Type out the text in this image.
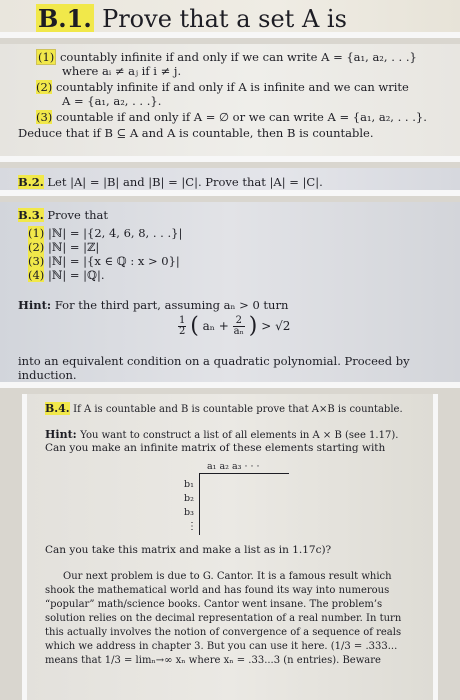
B.1. Prove that a set A is
(1) countably infinite if and only if we can write A = {a₁, a₂, . . .}
where aᵢ ≠ aⱼ if i ≠ j.
(2) countably infinite if and only if A is infinite and we can write
A = {a₁, a₂, . . .}.
(3) countable if and only if A = ∅ or we can write A = {a₁, a₂, . . .}.
Deduce that if B ⊆ A and A is countable, then B is countable.
B.2. Let |A| = |B| and |B| = |C|. Prove that |A| = |C|.
B.3. Prove that
(1) |ℕ| = |{2, 4, 6, 8, . . .}|
(2) |ℕ| = |ℤ|
(3) |ℕ| = |{x ∈ ℚ : x > 0}|
(4) |ℕ| = |ℚ|.
Hint: For the third part, assuming aₙ > 0 turn
$\frac{1}{2}$ ( $a_n + \frac{2}{\text{aₙ}}$ ) > √2
into an equivalent condition on a quadratic polynomial. Proceed by
induction.
B.4. If A is countable and B is countable prove that A×B is countable.
Hint: You want to construct a list of all elements in A × B (see 1.17).
Can you make an infinite matrix of these elements starting with
a₁ a₂ a₃ · · ·
b₁
b₂
b₃
⋮
Can you take this matrix and make a list as in 1.17c)?
Our next problem is due to G. Cantor. It is a famous result which
shook the mathematical world and has found its way into numerous
“popular” math/science books. Cantor went insane. The problem’s
solution relies on the decimal representation of a real number. In turn
this actually involves the notion of convergence of a sequence of reals
which we address in chapter 3. But you can use it here. (1/3 = .333...
means that 1/3 = limₙ→∞ xₙ where xₙ = .33...3 (n entries). Beware
